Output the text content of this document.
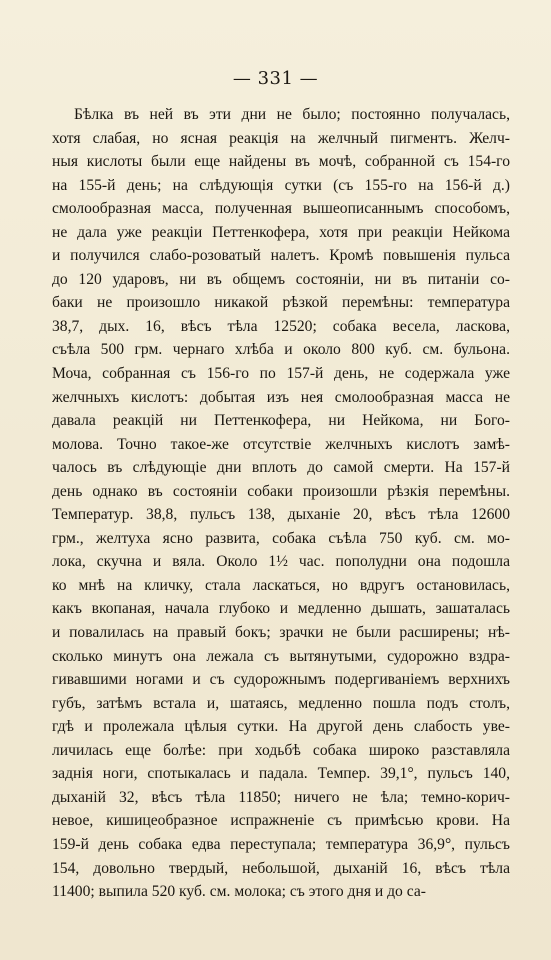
— 331 —
Бѣлка въ ней въ эти дни не было; постоянно получалась,
хотя слабая, но ясная реакція на желчный пигментъ. Желч-
ныя кислоты были еще найдены въ мочѣ, собранной съ 154-го
на 155-й день; на слѣдующія сутки (съ 155-го на 156-й д.)
смолообразная масса, полученная вышеописаннымъ способомъ,
не дала уже реакціи Петтенкофера, хотя при реакціи Нейкома
и получился слабо-розоватый налетъ. Кромѣ повышенія пульса
до 120 ударовъ, ни въ общемъ состояніи, ни въ питаніи со-
баки не произошло никакой рѣзкой перемѣны: температура
38,7, дых. 16, вѣсъ тѣла 12520; собака весела, ласкова,
съѣла 500 грм. чернаго хлѣба и около 800 куб. см. бульона.
Моча, собранная съ 156-го по 157-й день, не содержала уже
желчныхъ кислотъ: добытая изъ нея смолообразная масса не
давала реакцій ни Петтенкофера, ни Нейкома, ни Бого-
молова. Точно такое-же отсутствіе желчныхъ кислотъ замѣ-
чалось въ слѣдующіе дни вплоть до самой смерти. На 157-й
день однако въ состояніи собаки произошли рѣзкія перемѣны.
Температур. 38,8, пульсъ 138, дыханіе 20, вѣсъ тѣла 12600
грм., желтуха ясно развита, собака съѣла 750 куб. см. мо-
лока, скучна и вяла. Около 1½ час. пополудни она подошла
ко мнѣ на кличку, стала ласкаться, но вдругъ остановилась,
какъ вкопаная, начала глубоко и медленно дышать, зашаталась
и повалилась на правый бокъ; зрачки не были расширены; нѣ-
сколько минутъ она лежала съ вытянутыми, судорожно вздра-
гивавшими ногами и съ судорожнымъ подергиваніемъ верхнихъ
губъ, затѣмъ встала и, шатаясь, медленно пошла подъ столъ,
гдѣ и пролежала цѣлыя сутки. На другой день слабость уве-
личилась еще болѣе: при ходьбѣ собака широко разставляла
заднія ноги, спотыкалась и падала. Темпер. 39,1°, пульсъ 140,
дыханій 32, вѣсъ тѣла 11850; ничего не ѣла; темно-корич-
невое, кишицеобразное испражненіе съ примѣсью крови. На
159-й день собака едва переступала; температура 36,9°, пульсъ
154, довольно твердый, небольшой, дыханій 16, вѣсъ тѣла
11400; выпила 520 куб. см. молока; съ этого дня и до са-
